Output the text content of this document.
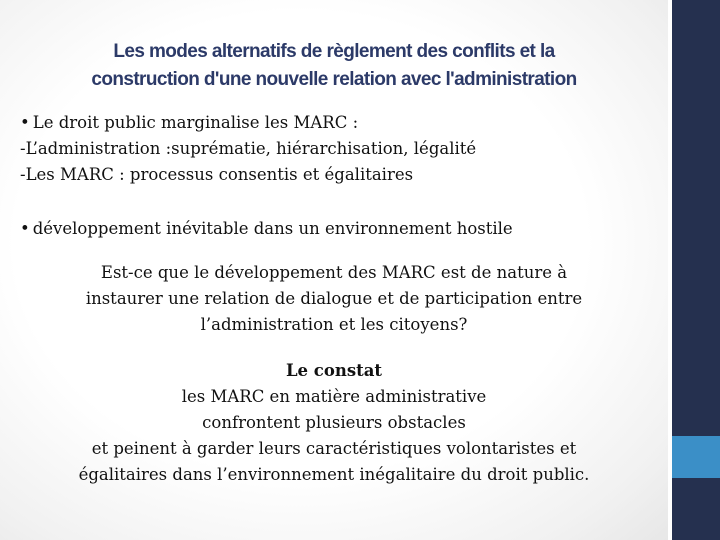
Les modes alternatifs de règlement des conflits et la
construction d'une nouvelle relation avec l'administration
• Le droit public marginalise les MARC :
-L’administration :suprématie, hiérarchisation, légalité
-Les MARC : processus consentis et égalitaires
• développement inévitable dans un environnement hostile
Est-ce que le développement des MARC est de nature à
instaurer une relation de dialogue et de participation entre
l’administration et les citoyens?
Le constat
les MARC en matière administrative
confrontent plusieurs obstacles
et peinent à garder leurs caractéristiques volontaristes et
égalitaires dans l’environnement inégalitaire du droit public.
